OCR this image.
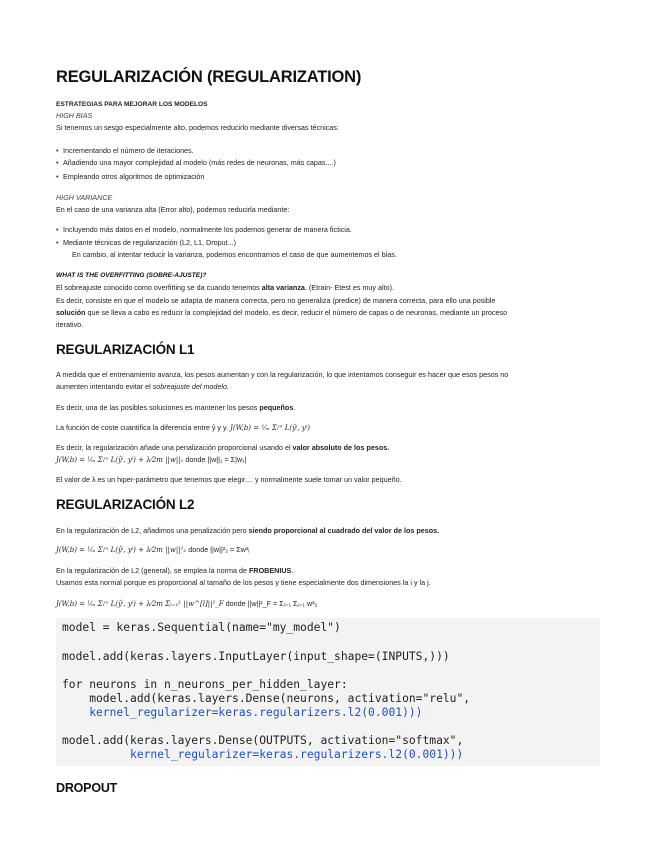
REGULARIZACIÓN (REGULARIZATION)
ESTRATEGIAS PARA MEJORAR LOS MODELOS
HIGH BIAS
Si tenemos un sesgo especialmente alto, podemos reducirlo mediante diversas técnicas:
• Incrementando el número de iteraciones.
• Añadiendo una mayor complejidad al modelo (más redes de neuronas, más capas....)
• Empleando otros algoritmos de optimización
HIGH VARIANCE
En el caso de una varianza alta (Error alto), podemos reducirla mediante:
• Incluyendo más datos en el modelo, normalmente los podemos generar de manera ficticia.
• Mediante técnicas de regularización (L2, L1, Droput...)
En cambio, al intentar reducir la varianza, podemos encontrarnos el caso de que aumentemos el bias.
WHAT IS THE OVERFITTING (SOBRE-AJUSTE)?
El sobreajuste conocido como overfitting se da cuando tenemos alta varianza. (Etrain- Etest es muy alto).
Es decir, consiste en que el modelo se adapta de manera correcta, pero no generaliza (predice) de manera correcta, para ello una posible
solución que se lleva a cabo es reducir la complejidad del modelo, es decir, reducir el número de capas o de neuronas, mediante un proceso
iterativo.
REGULARIZACIÓN L1
A medida que el entrenamiento avanza, los pesos aumentan y con la regularización, lo que intentamos conseguir es hacer que esos pesos no
aumenten intentando evitar el sobreajuste del modelo.
Es decir, una de las posibles soluciones es mantener los pesos pequeños.
La función de coste cuantifica la diferencia entre ŷ y y. J(W,b) = ¹⁄ₘ Σᵢᵐ L(ŷⁱ, yⁱ)
Es decir, la regularización añade una penalización proporcional usando el valor absoluto de los pesos.
J(W,b) = ¹⁄ₘ Σᵢᵐ L(ŷⁱ, yⁱ) + λ⁄2m ||w||₁ donde ||w||₁ = Σ|w₁|
El valor de λ es un hiper-parámetro que tenemos que elegir.... y normalmente suele tomar un valor pequeño.
REGULARIZACIÓN L2
En la regularización de L2, añadimos una penalización pero siendo proporcional al cuadrado del valor de los pesos.
J(W,b) = ¹⁄ₘ Σᵢᵐ L(ŷⁱ, yⁱ) + λ⁄2m ||w||²₂ donde ||w||²₂ = Σw²ᵢ
En la regularización de L2 (general), se emplea la norma de FROBENIUS.
Usamos esta normal porque es proporcional al tamaño de los pesos y tiene especialmente dos dimensiones la i y la j.
J(W,b) = ¹⁄ₘ Σᵢᵐ L(ŷⁱ, yⁱ) + λ⁄2m Σₗ₌₁ᴸ ||w^[l]||²_F donde ||w||²_F = Σᵢ₌₁ Σⱼ₌₁ w²ᵢⱼ
model = keras.Sequential(name="my_model")
model.add(keras.layers.InputLayer(input_shape=(INPUTS,)))
for neurons in n_neurons_per_hidden_layer:
model.add(keras.layers.Dense(neurons, activation="relu",
kernel_regularizer=keras.regularizers.l2(0.001)))
model.add(keras.layers.Dense(OUTPUTS, activation="softmax",
kernel_regularizer=keras.regularizers.l2(0.001)))
DROPOUT
